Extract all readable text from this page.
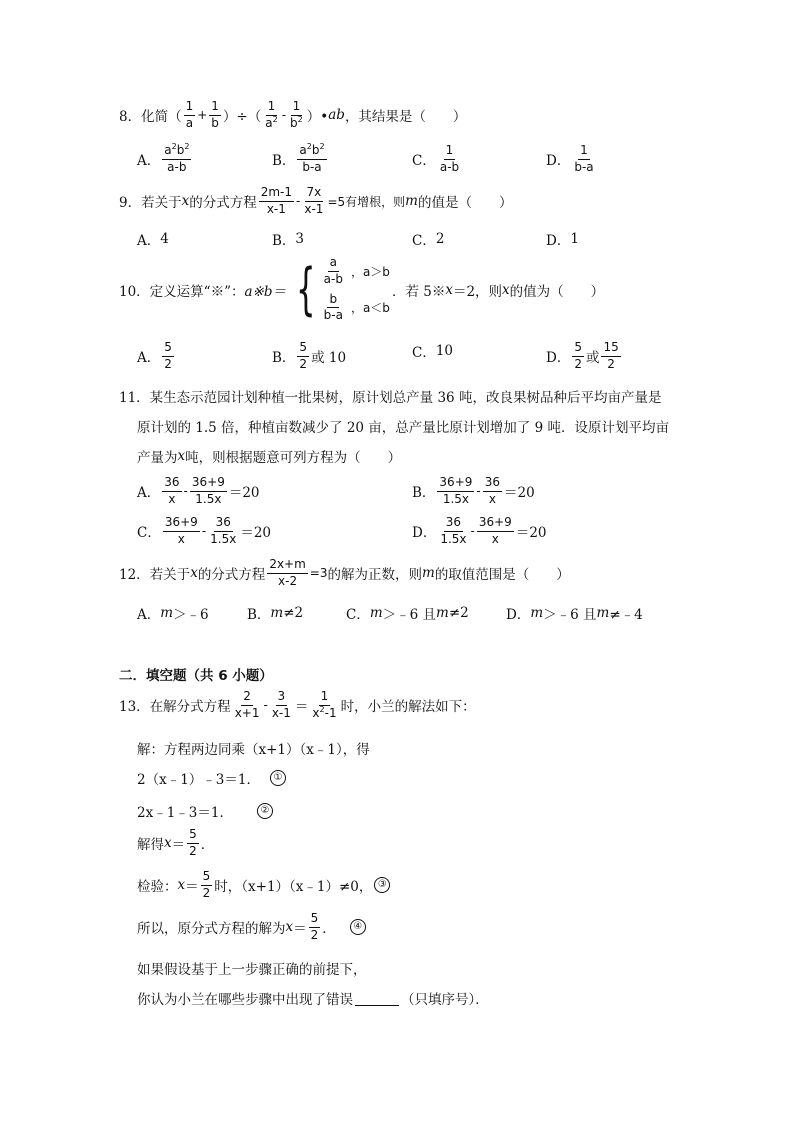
8．化简（ $\frac{1}{a} + \frac{1}{b}$ ）÷（ $\frac{1}{a^2} - \frac{1}{b^2}$ ）• ab ，其结果是（　　）
A． $\frac{a^2b^2}{a-b}$	B． $\frac{a^2b^2}{b-a}$	C． $\frac{1}{a-b}$	D． $\frac{1}{b-a}$
9．若关于 x 的分式方程 $\frac{2m-1}{x-1} - \frac{7x}{x-1} =5$有增根，则 m 的值是（　　）
A． 4	B． 3	C． 2	D． 1
10．定义运算“※”： a※b＝ { $\frac{a}{a-b}$ ，a＞b
$\frac{b}{b-a}$ ，a＜b
．若 5※ x ＝2，则 x 的值为（　　）
A． $\frac{5}{2}$	B． $\frac{5}{2}$ 或 10	C． 10	D． $\frac{5}{2}$ 或 $\frac{15}{2}$
11．某生态示范园计划种植一批果树，原计划总产量 36 吨，改良果树品种后平均亩产量是
原计划的 1.5 倍，种植亩数减少了 20 亩，总产量比原计划增加了 9 吨．设原计划平均亩
产量为 x 吨，则根据题意可列方程为（　　）
A． $\frac{36}{x} - \frac{36+9}{1.5x} =20$	B． $\frac{36+9}{1.5x} - \frac{36}{x} =20$
C． $\frac{36+9}{x} - \frac{36}{1.5x} =20$	D． $\frac{36}{1.5x} - \frac{36+9}{x} =20$
12．若关于 x 的分式方程 $\frac{2x+m}{x-2} =3$ 的解为正数，则 m 的取值范围是（　　）
A． m ＞﹣6	B． m ≠2	C． m ＞﹣6 且 m ≠2	D． m ＞﹣6 且 m ≠﹣4
二．填空题（共 6 小题）
13．在解分式方程 $\frac{2}{x+1} - \frac{3}{x-1} = \frac{1}{x^2-1}$ 时，小兰的解法如下：
解：方程两边同乘（x+1）（x﹣1），得
2（x﹣1）﹣3＝1．	①
2x﹣1﹣3＝1．	②
解得 $x = \frac{5}{2}$ ．
检验： $x = \frac{5}{2}$ 时，（x+1）（x﹣1）≠0， ③
所以，原分式方程的解为 $x = \frac{5}{2}$ ．	④
如果假设基于上一步骤正确的前提下，
你认为小兰在哪些步骤中出现了错误	（只填序号）．
